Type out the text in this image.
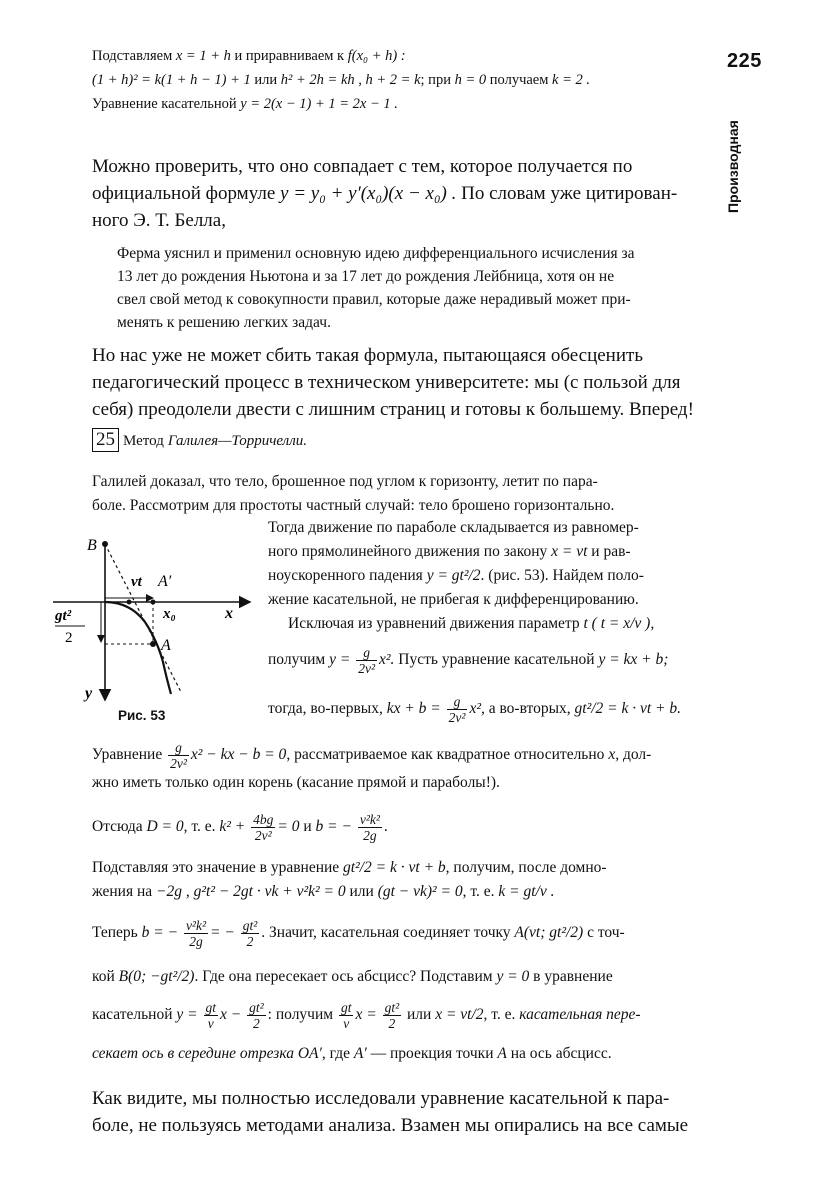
225
Производная
Подставляем x = 1 + h и приравниваем к f(x₀ + h) :
(1 + h)² = k(1 + h − 1) + 1 или h² + 2h = kh , h + 2 = k; при h = 0 получаем k = 2 .
Уравнение касательной y = 2(x − 1) + 1 = 2x − 1 .
Можно проверить, что оно совпадает с тем, которое получается по
официальной формуле y = y₀ + y′(x₀)(x − x₀) . По словам уже цитирован-
ного Э. Т. Белла,
Ферма уяснил и применил основную идею дифференциального исчисления за
13 лет до рождения Ньютона и за 17 лет до рождения Лейбница, хотя он не
свел свой метод к совокупности правил, которые даже нерадивый может при-
менять к решению легких задач.
Но нас уже не может сбить такая формула, пытающаяся обесценить
педагогический процесс в техническом университете: мы (с пользой для
себя) преодолели двести с лишним страниц и готовы к большему. Вперед!
25 Метод Галилея—Торричелли.
Галилей доказал, что тело, брошенное под углом к горизонту, летит по пара-
боле. Рассмотрим для простоты частный случай: тело брошено горизонтально.
Тогда движение по параболе складывается из равномер-
ного прямолинейного движения по закону x = vt и рав-
ноускоренного падения y = gt²/2. (рис. 53). Найдем поло-
жение касательной, не прибегая к дифференцированию.
Исключая из уравнений движения параметр t ( t = x/v ),
получим $y = \frac{g}{\text{2v²}} x^2$. Пусть уравнение касательной y = kx + b;
тогда, во-первых, kx + $b = \frac{g}{\text{2v²}} x^2$, а во-вторых, gt²/2 = k · vt + b.
B
vt A′
x₀	x
gt²
2	A
y
Рис. 53
Уравнение $\frac{g}{\text{2v²}} x^2$ − kx − b = 0, рассматриваемое как квадратное относительно x, дол-
жно иметь только один корень (касание прямой и параболы!).
Отсюда D = 0, т. е. $k^2 + \frac{4bg}{\text{2v²}} = 0$ и b = − $\frac{\text{v²k²}}{2g}$ .
Подставляя это значение в уравнение gt²/2 = k · vt + b, получим, после домно-
жения на −2g , g²t² − 2gt · vk + v²k² = 0 или (gt − vk)² = 0, т. е. k = gt/v .
Теперь b = − $\frac{\text{v²k²}}{2g}$ = − $\frac{\text{gt²}}{2}$ . Значит, касательная соединяет точку A(vt; gt²/2) с точ-
кой B(0; −gt²/2). Где она пересекает ось абсцисс? Подставим y = 0 в уравнение
касательной $y = \frac{gt}{v}$ $x - \frac{\text{gt²}}{2}$ : получим $\frac{gt}{v}$ $x = \frac{\text{gt²}}{2}$ или x = vt/2, т. е. касательная пере-
секает ось в середине отрезка OA′, где A′ — проекция точки A на ось абсцисс.
Как видите, мы полностью исследовали уравнение касательной к пара-
боле, не пользуясь методами анализа. Взамен мы опирались на все самые
